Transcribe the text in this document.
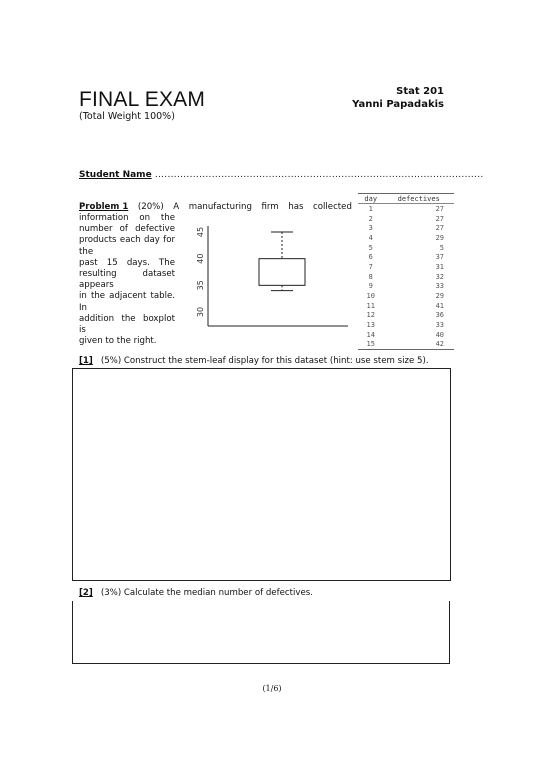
FINAL EXAM
(Total Weight 100%)
Stat 201
Yanni Papadakis
Student Name ........................................................................................................
Problem 1 (20%) A manufacturing firm has collected
information on the
number of defective
products each day for the
past 15 days. The
resulting dataset appears
in the adjacent table. In
addition the boxplot is
given to the right.
45
40
35
30
day	defectives
1	27
2	27
3	27
4	29
5	5
6	37
7	31
8	32
9	33
10	29
11	41
12	36
13	33
14	40
15	42
[1] (5%) Construct the stem-leaf display for this dataset (hint: use stem size 5).
[2] (3%) Calculate the median number of defectives.
(1/6)
